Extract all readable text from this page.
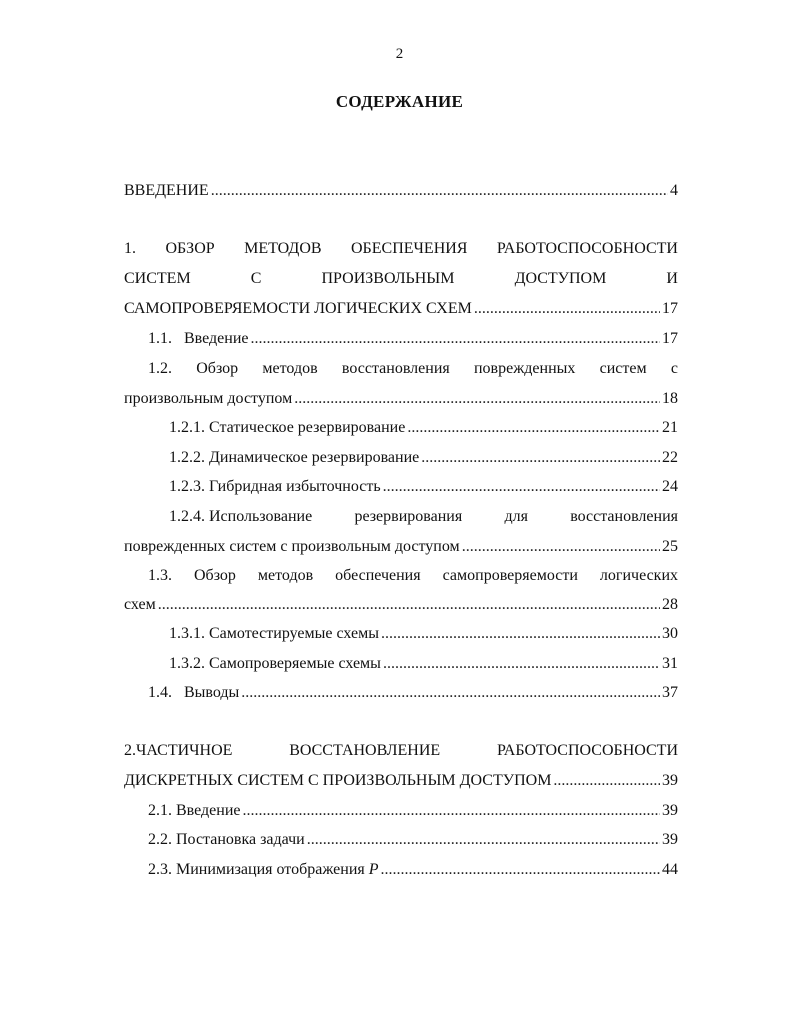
2
СОДЕРЖАНИЕ
ВВЕДЕНИЕ .....	4
1. ОБЗОР МЕТОДОВ ОБЕСПЕЧЕНИЯ РАБОТОСПОСОБНОСТИ
СИСТЕМ	С	ПРОИЗВОЛЬНЫМ	ДОСТУПОМ	И
САМОПРОВЕРЯЕМОСТИ ЛОГИЧЕСКИХ СХЕМ .....	17
1.1.   Введение .....	17
1.2. Обзор методов восстановления поврежденных систем с
произвольным доступом .....	18
1.2.1. Статическое резервирование .....	21
1.2.2. Динамическое резервирование .....	22
1.2.3. Гибридная избыточность .....	24
1.2.4. Использование	резервирования	для	восстановления
поврежденных систем с произвольным доступом .....	25
1.3. Обзор методов обеспечения самопроверяемости логических
схем .....	28
1.3.1. Самотестируемые схемы .....	30
1.3.2. Самопроверяемые схемы .....	31
1.4.   Выводы .....	37
2.ЧАСТИЧНОЕ	ВОССТАНОВЛЕНИЕ	РАБОТОСПОСОБНОСТИ
ДИСКРЕТНЫХ СИСТЕМ С ПРОИЗВОЛЬНЫМ ДОСТУПОМ .....	39
2.1. Введение .....	39
2.2. Постановка задачи .....	39
2.3. Минимизация отображения P .....	44
